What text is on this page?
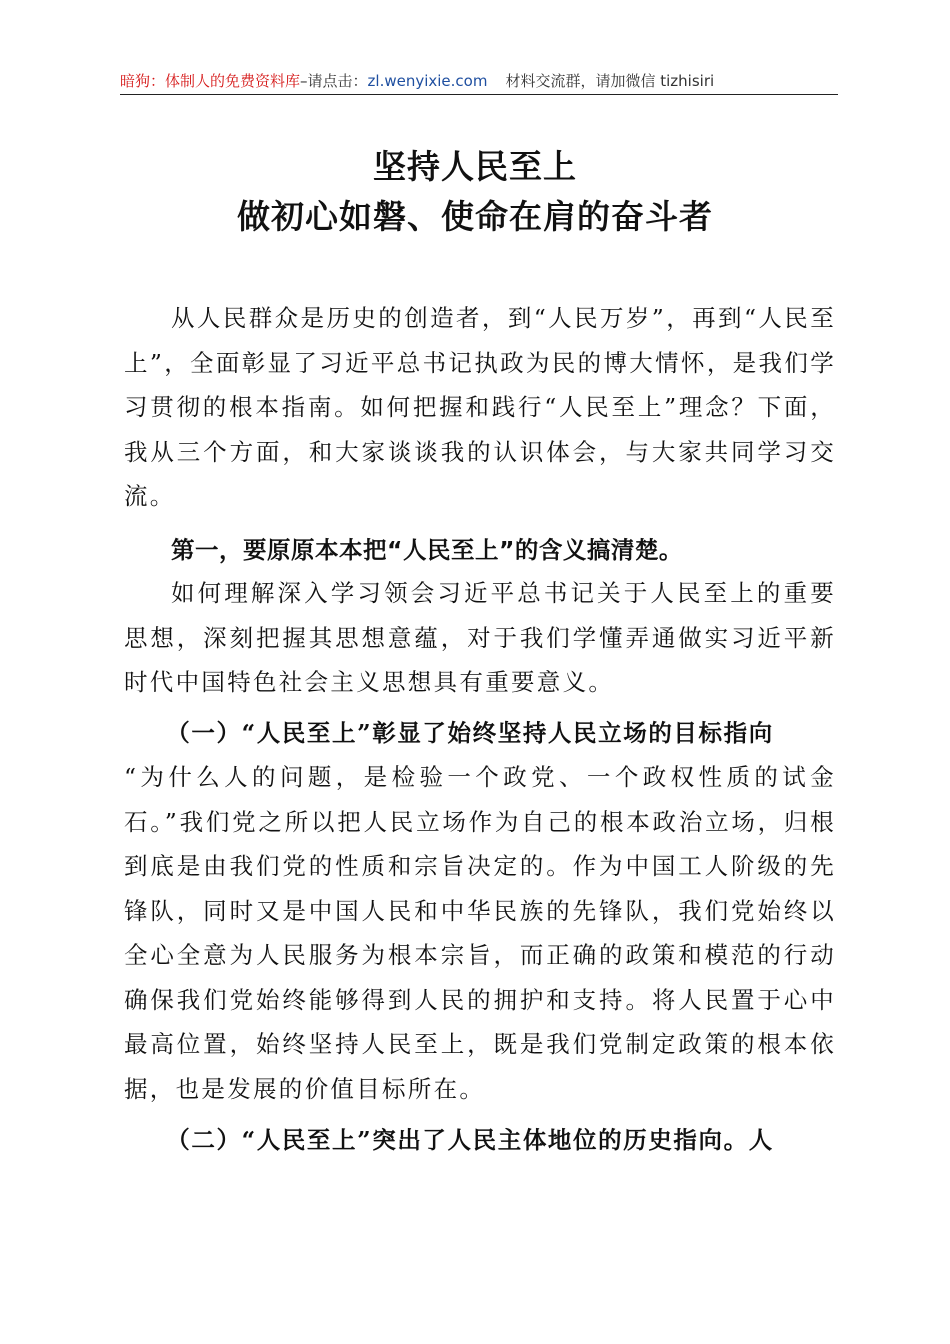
暗狗：体制人的免费资料库–请点击：zl.wenyixie.com 材料交流群，请加微信 tizhisiri
坚持人民至上
做初心如磐、使命在肩的奋斗者

从人民群众是历史的创造者，到“人民万岁”，再到“人民至上”，全面彰显了习近平总书记执政为民的博大情怀，是我们学习贯彻的根本指南。如何把握和践行“人民至上”理念？下面，我从三个方面，和大家谈谈我的认识体会，与大家共同学习交流。

第一，要原原本本把“人民至上”的含义搞清楚。

如何理解深入学习领会习近平总书记关于人民至上的重要思想，深刻把握其思想意蕴，对于我们学懂弄通做实习近平新时代中国特色社会主义思想具有重要意义。

（一）“人民至上”彰显了始终坚持人民立场的目标指向

“为什么人的问题，是检验一个政党、一个政权性质的试金石。”我们党之所以把人民立场作为自己的根本政治立场，归根到底是由我们党的性质和宗旨决定的。作为中国工人阶级的先锋队，同时又是中国人民和中华民族的先锋队，我们党始终以全心全意为人民服务为根本宗旨，而正确的政策和模范的行动确保我们党始终能够得到人民的拥护和支持。将人民置于心中最高位置，始终坚持人民至上，既是我们党制定政策的根本依据，也是发展的价值目标所在。

（二）“人民至上”突出了人民主体地位的历史指向。人
